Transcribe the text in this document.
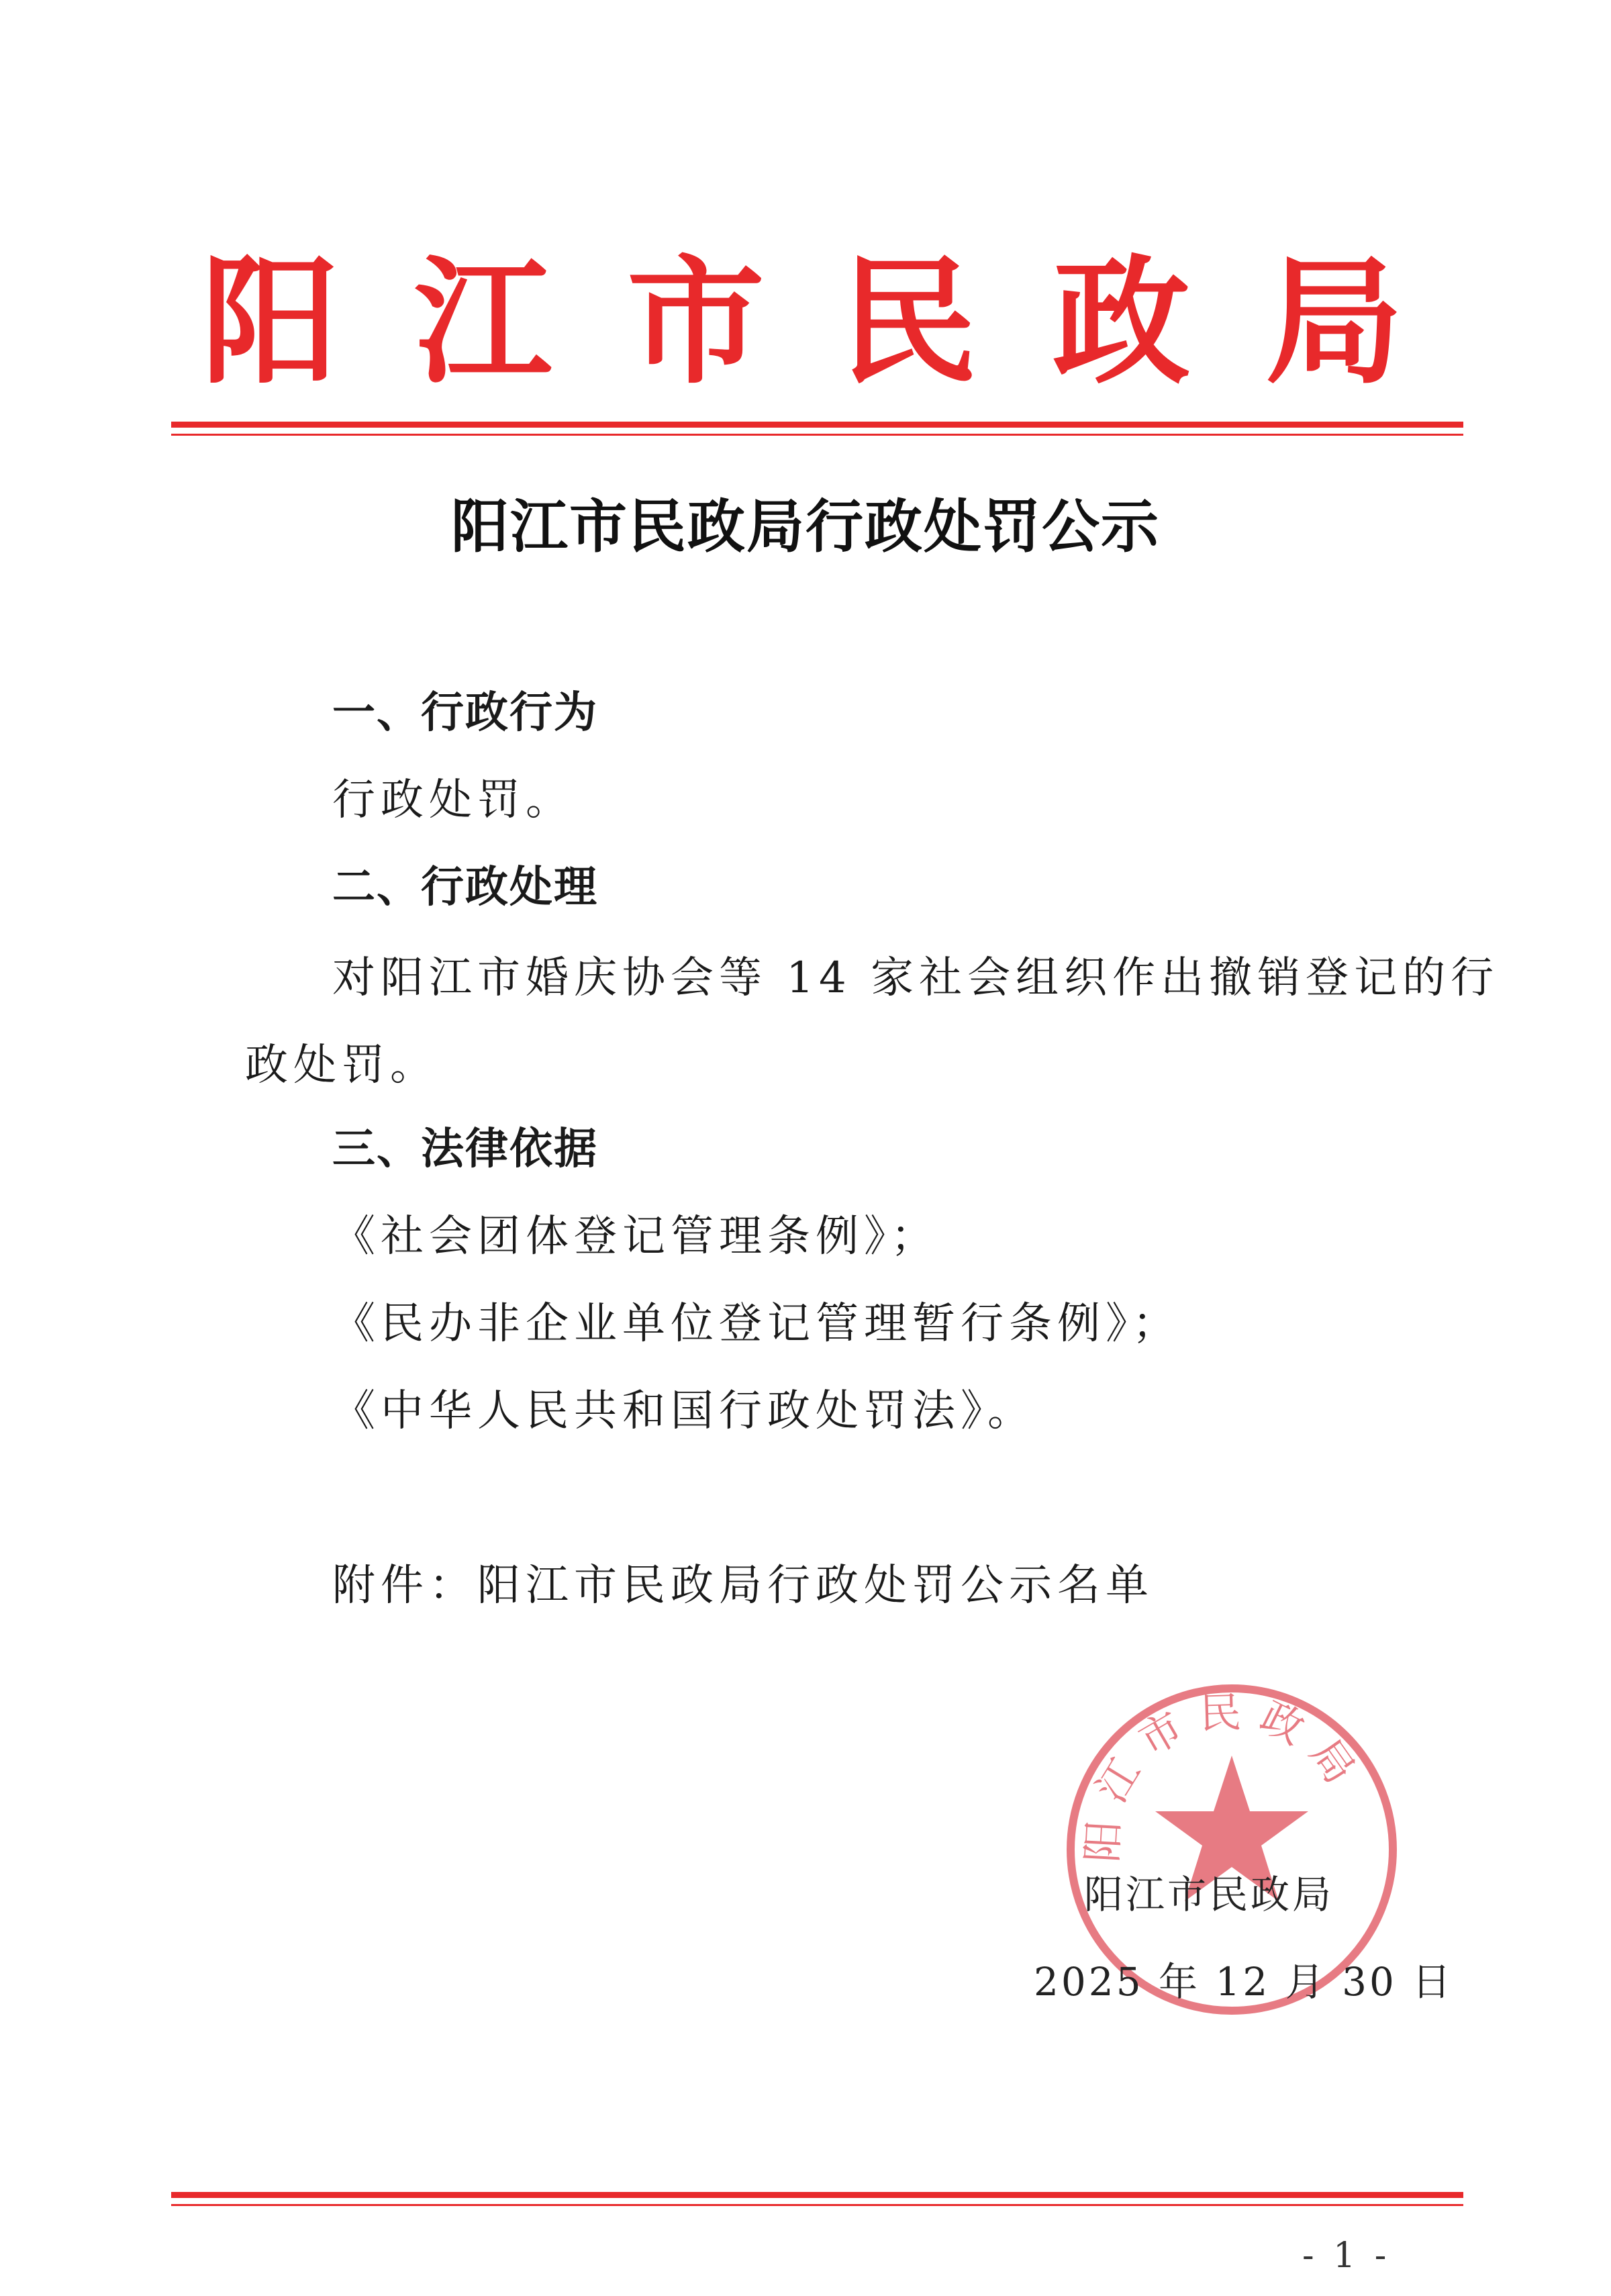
阳 江 市 民 政 局
阳江市民政局行政处罚公示
一、行政行为
行政处罚。
二、行政处理
对阳江市婚庆协会等 14 家社会组织作出撤销登记的行
政处罚。
三、法律依据
《社会团体登记管理条例》；
《民办非企业单位登记管理暂行条例》；
《中华人民共和国行政处罚法》。
附件：阳江市民政局行政处罚公示名单
阳江市民政局
阳江市民政局
2025 年 12 月 30 日
- 1 -
